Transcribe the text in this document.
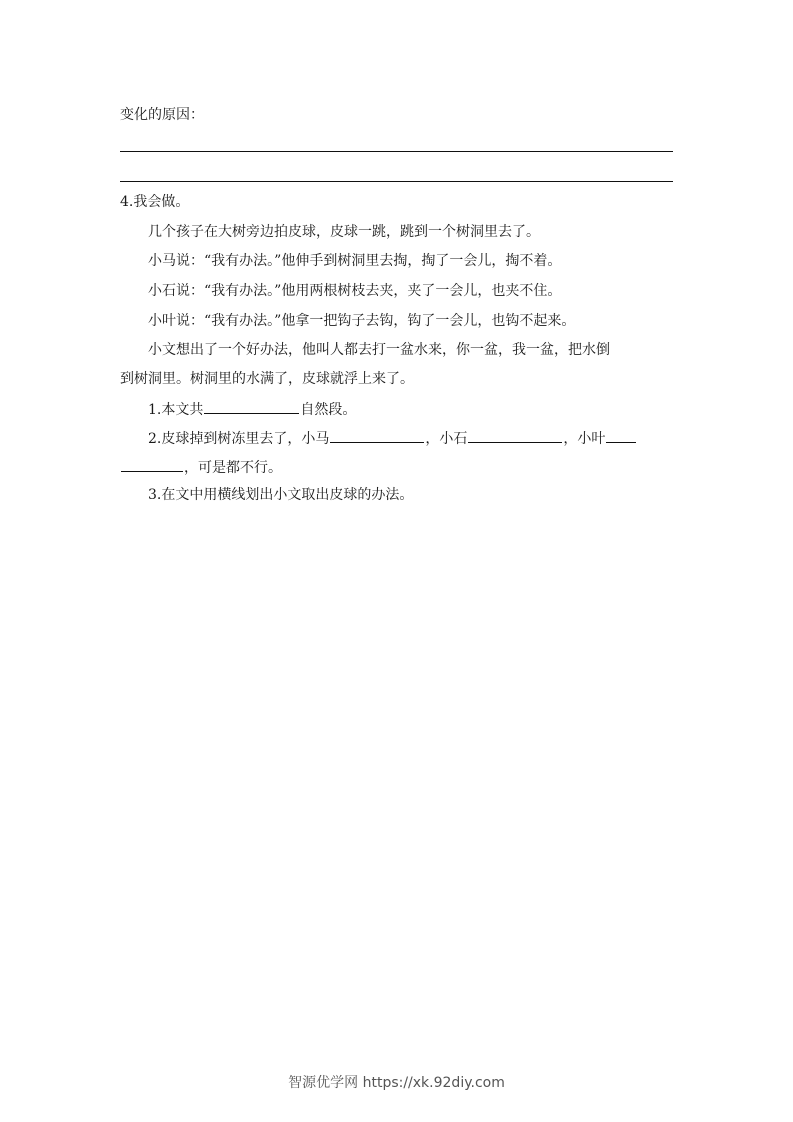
变化的原因：
4.我会做。
几个孩子在大树旁边拍皮球，皮球一跳，跳到一个树洞里去了。
小马说：“我有办法。”他伸手到树洞里去掏，掏了一会儿，掏不着。
小石说：“我有办法。”他用两根树枝去夹，夹了一会儿，也夹不住。
小叶说：“我有办法。”他拿一把钩子去钩，钩了一会儿，也钩不起来。
小文想出了一个好办法，他叫人都去打一盆水来，你一盆，我一盆，把水倒
到树洞里。树洞里的水满了，皮球就浮上来了。
1.本文共	自然段。
2.皮球掉到树冻里去了，小马	，小石	，小叶
，可是都不行。
3.在文中用横线划出小文取出皮球的办法。
智源优学网 https://xk.92diy.com
